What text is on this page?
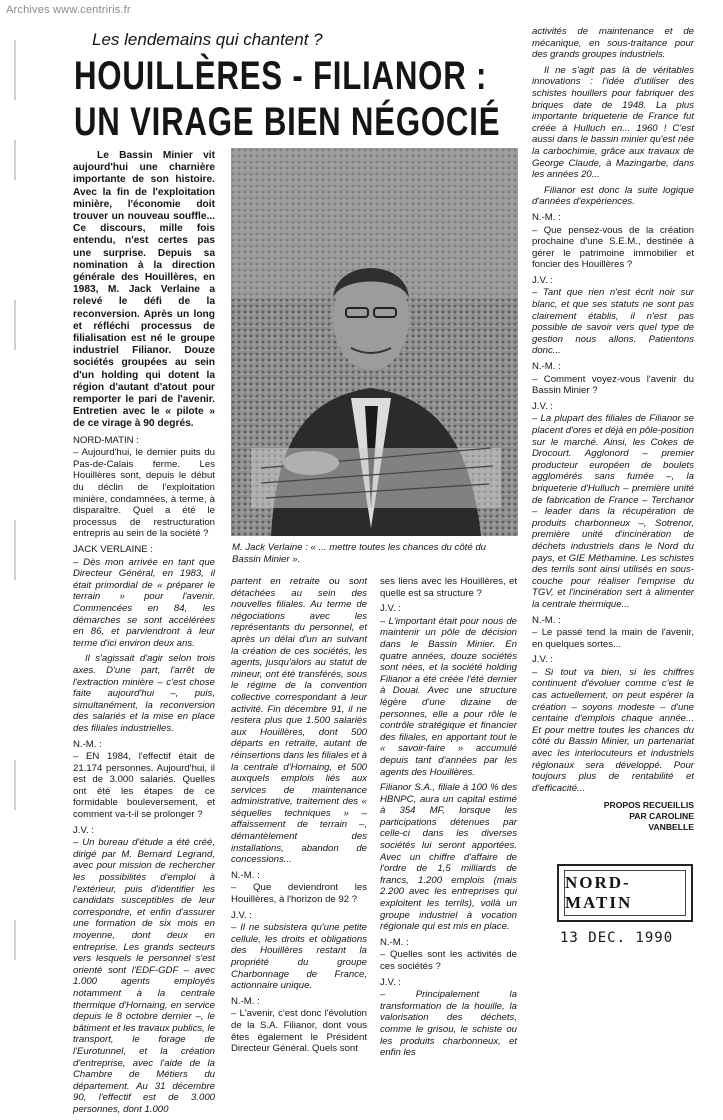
Archives www.centriris.fr
Les lendemains qui chantent ?
HOUILLÈRES - FILIANOR :
UN VIRAGE BIEN NÉGOCIÉ

Le Bassin Minier vit aujourd'hui une charnière importante de son histoire. Avec la fin de l'exploitation minière, l'économie doit trouver un nouveau souffle... Ce discours, mille fois entendu, n'est certes pas une surprise. Depuis sa nomination à la direction générale des Houillères, en 1983, M. Jack Verlaine a relevé le défi de la reconversion. Après un long et réfléchi processus de filialisation est né le groupe industriel Filianor. Douze sociétés groupées au sein d'un holding qui dotent la région d'autant d'atout pour remporter le pari de l'avenir. Entretien avec le « pilote » de ce virage à 90 degrés.

NORD-MATIN :

– Aujourd'hui, le dernier puits du Pas-de-Calais ferme. Les Houillères sont, depuis le début du déclin de l'exploitation minière, condamnées, à terme, à disparaître. Quel a été le processus de restructuration entrepris au sein de la société ?

JACK VERLAINE :

– Dès mon arrivée en tant que Directeur Général, en 1983, il était primordial de « préparer le terrain » pour l'avenir. Commencées en 84, les démarches se sont accélérées en 86, et parviendront à leur terme d'ici environ deux ans.

Il s'agissait d'agir selon trois axes. D'une part, l'arrêt de l'extraction minière – c'est chose faite aujourd'hui –, puis, simultanément, la reconversion des salariés et la mise en place des filiales industrielles.

N.-M. :

– EN 1984, l'effectif était de 21.174 personnes. Aujourd'hui, il est de 3.000 salariés. Quelles ont été les étapes de ce formidable bouleversement, et comment va-t-il se prolonger ?

J.V. :

– Un bureau d'étude a été créé, dirigé par M. Bernard Legrand, avec pour mission de rechercher les possibilités d'emploi à l'extérieur, puis d'identifier les candidats susceptibles de leur correspondre, et enfin d'assurer une formation de six mois en moyenne, dont deux en entreprise. Les grands secteurs vers lesquels le personnel s'est orienté sont l'EDF-GDF – avec 1.000 agents employés notamment à la centrale thermique d'Hornaing, en service depuis le 8 octobre dernier –, le bâtiment et les travaux publics, le transport, le forage de l'Eurotunnel, et la création d'entreprise, avec l'aide de la Chambre de Métiers du département. Au 31 décembre 90, l'effectif est de 3.000 personnes, dont 1.000

M. Jack Verlaine : « ... mettre toutes les chances du côté du Bassin Minier ».

partent en retraite ou sont détachées au sein des nouvelles filiales. Au terme de négociations avec les représentants du personnel, et après un délai d'un an suivant la création de ces sociétés, les agents, jusqu'alors au statut de mineur, ont été transférés, sous le régime de la convention collective correspondant à leur activité. Fin décembre 91, il ne restera plus que 1.500 salariés aux Houillères, dont 500 départs en retraite, autant de réinsertions dans les filiales et à la centrale d'Hornaing, et 500 auxquels emplois liés aux services de maintenance administrative, traitement des « séquelles techniques » – affaissement de terrain –, démantèlement des installations, abandon de concessions...

N.-M. :

– Que deviendront les Houillères, à l'horizon de 92 ?

J.V. :

– Il ne subsistera qu'une petite cellule, les droits et obligations des Houillères restant la propriété du groupe Charbonnage de France, actionnaire unique.

N.-M. :

– L'avenir, c'est donc l'évolution de la S.A. Filianor, dont vous êtes également le Président Directeur Général. Quels sont

ses liens avec les Houillères, et quelle est sa structure ?

J.V. :

– L'important était pour nous de maintenir un pôle de décision dans le Bassin Minier. En quatre années, douze sociétés sont nées, et la société holding Filianor a été créée l'été dernier à Douai. Avec une structure légère d'une dizaine de personnes, elle a pour rôle le contrôle stratégique et financier des filiales, en apportant tout le « savoir-faire » accumulé depuis tant d'années par les agents des Houillères.

Filianor S.A., filiale à 100 % des HBNPC, aura un capital estimé à 354 MF, lorsque les participations détenues par celle-ci dans les diverses sociétés lui seront apportées. Avec un chiffre d'affaire de l'ordre de 1,5 milliards de francs, 1.200 emplois (mais 2.200 avec les entreprises qui exploitent les terrils), voilà un groupe industriel à vocation régionale qui est mis en place.

N.-M. :

– Quelles sont les activités de ces sociétés ?

J.V. :

– Principalement la transformation de la houille, la valorisation des déchets, comme le grisou, le schiste ou les produits charbonneux, et enfin les

activités de maintenance et de mécanique, en sous-traitance pour des grands groupes industriels.

Il ne s'agit pas là de véritables innovations : l'idée d'utiliser des schistes houillers pour fabriquer des briques date de 1948. La plus importante briqueterie de France fut créée à Hulluch en... 1960 ! C'est aussi dans le bassin minier qu'est née la carbochimie, grâce aux travaux de George Claude, à Mazingarbe, dans les années 20...

Filianor est donc la suite logique d'années d'expériences.

N.-M. :

– Que pensez-vous de la création prochaine d'une S.E.M., destinée à gérer le patrimoine immobilier et foncier des Houillères ?

J.V. :

– Tant que rien n'est écrit noir sur blanc, et que ses statuts ne sont pas clairement établis, il n'est pas possible de savoir vers quel type de gestion nous allons. Patientons donc...

N.-M. :

– Comment voyez-vous l'avenir du Bassin Minier ?

J.V. :

– La plupart des filiales de Filianor se placent d'ores et déjà en pôle-position sur le marché. Ainsi, les Cokes de Drocourt. Agglonord – premier producteur européen de boulets agglomérés sans fumée –, la briqueterie d'Hulluch – première unité de fabrication de France – Terchanor – leader dans la récupération de produits charbonneux –, Sotrenor, première unité d'incinération de déchets industriels dans le Nord du pays, et GIE Méthamine. Les schistes des terrils sont ainsi utilisés en sous-couche pour réaliser l'emprise du TGV, et l'incinération sert à alimenter la centrale thermique...

N.-M. :

– Le passé tend la main de l'avenir, en quelques sortes...

J.V. :

– Si tout va bien, si les chiffres continuent d'évoluer comme c'est le cas actuellement, on peut espérer la création – soyons modeste – d'une centaine d'emplois chaque année... Et pour mettre toutes les chances du côté du Bassin Minier, un partenariat avec les interlocuteurs et industriels régionaux sera développé. Pour toujours plus de rentabilité et d'efficacité...

PROPOS RECUEILLIS
PAR CAROLINE
VANBELLE
NORD-MATIN
13 DEC. 1990
